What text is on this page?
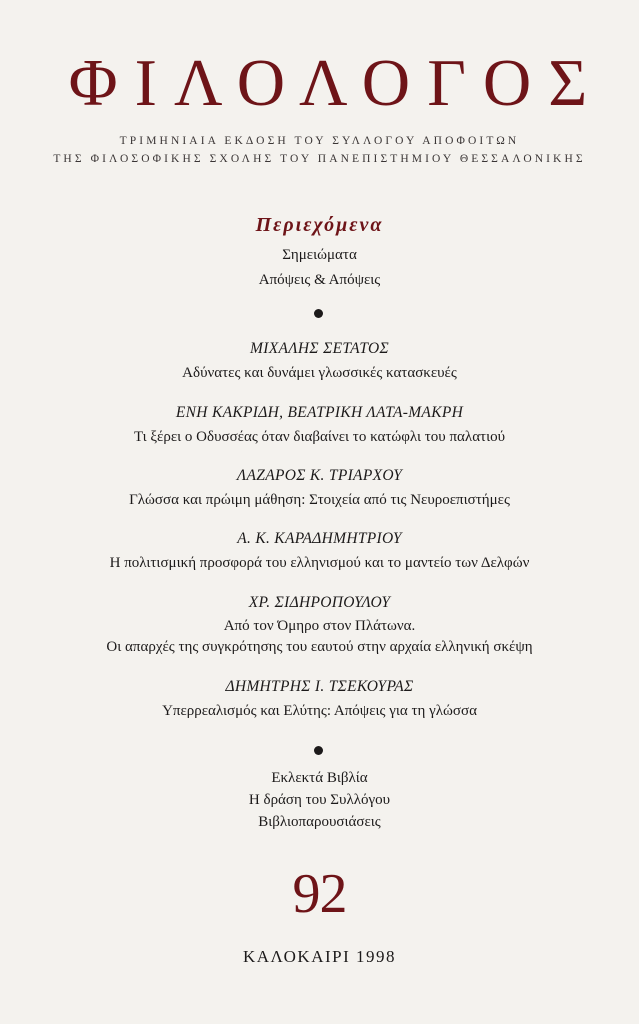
ΦΙΛΟΛΟΓΟΣ
ΤΡΙΜΗΝΙΑΙΑ ΕΚΔΟΣΗ ΤΟΥ ΣΥΛΛΟΓΟΥ ΑΠΟΦΟΙΤΩΝ
ΤΗΣ ΦΙΛΟΣΟΦΙΚΗΣ ΣΧΟΛΗΣ ΤΟΥ ΠΑΝΕΠΙΣΤΗΜΙΟΥ ΘΕΣΣΑΛΟΝΙΚΗΣ
Περιεχόμενα
Σημειώματα
Απόψεις & Απόψεις
ΜΙΧΑΛΗΣ ΣΕΤΑΤΟΣ
Αδύνατες και δυνάμει γλωσσικές κατασκευές
ΕΝΗ ΚΑΚΡΙΔΗ, ΒΕΑΤΡΙΚΗ ΛΑΤΑ-ΜΑΚΡΗ
Τι ξέρει ο Οδυσσέας όταν διαβαίνει το κατώφλι του παλατιού
ΛΑΖΑΡΟΣ Κ. ΤΡΙΑΡΧΟΥ
Γλώσσα και πρώιμη μάθηση: Στοιχεία από τις Νευροεπιστήμες
Α. Κ. ΚΑΡΑΔΗΜΗΤΡΙΟΥ
Η πολιτισμική προσφορά του ελληνισμού και το μαντείο των Δελφών
ΧΡ. ΣΙΔΗΡΟΠΟΥΛΟΥ
Από τον Όμηρο στον Πλάτωνα.
Οι απαρχές της συγκρότησης του εαυτού στην αρχαία ελληνική σκέψη
ΔΗΜΗΤΡΗΣ Ι. ΤΣΕΚΟΥΡΑΣ
Υπερρεαλισμός και Ελύτης: Απόψεις για τη γλώσσα
Εκλεκτά Βιβλία
Η δράση του Συλλόγου
Βιβλιοπαρουσιάσεις
92
ΚΑΛΟΚΑΙΡΙ 1998
